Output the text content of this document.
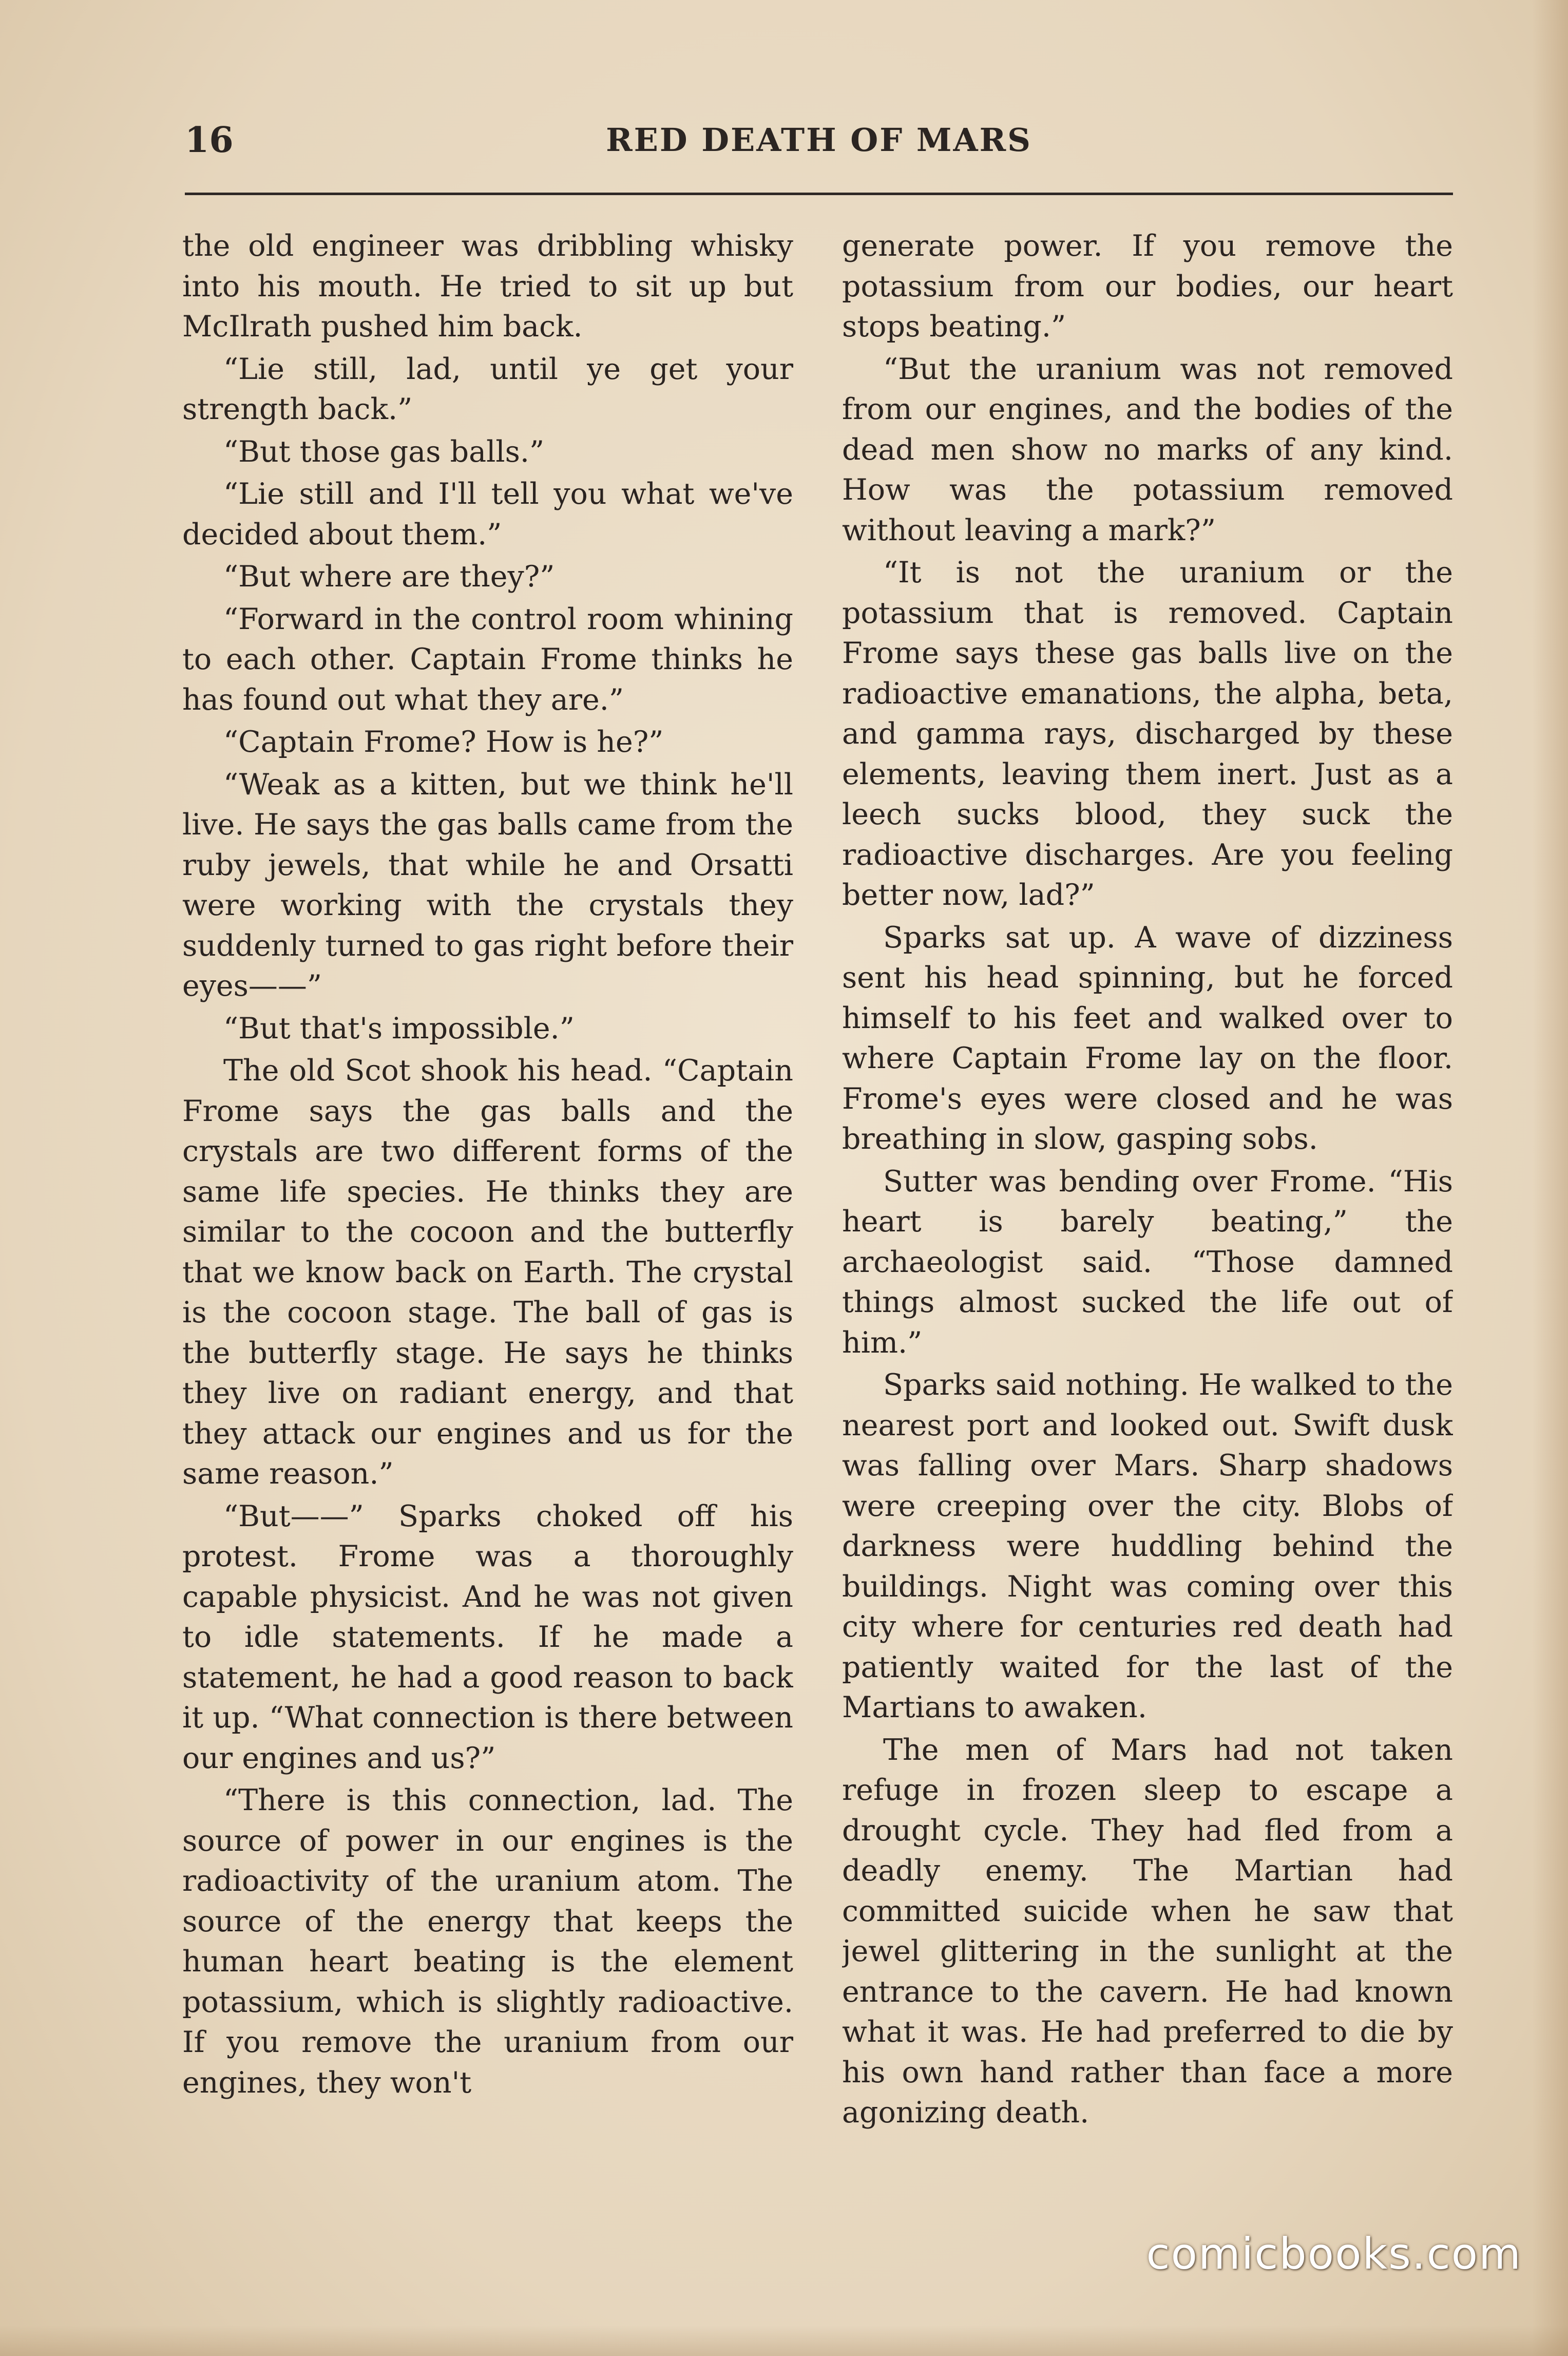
16	RED DEATH OF MARS

the old engineer was dribbling whisky into his mouth. He tried to sit up but McIlrath pushed him back.

“Lie still, lad, until ye get your strength back.”

“But those gas balls.”

“Lie still and I'll tell you what we've decided about them.”

“But where are they?”

“Forward in the control room whining to each other. Captain Frome thinks he has found out what they are.”

“Captain Frome? How is he?”

“Weak as a kitten, but we think he'll live. He says the gas balls came from the ruby jewels, that while he and Orsatti were working with the crystals they suddenly turned to gas right before their eyes——”

“But that's impossible.”

The old Scot shook his head. “Captain Frome says the gas balls and the crystals are two different forms of the same life species. He thinks they are similar to the cocoon and the butterfly that we know back on Earth. The crystal is the cocoon stage. The ball of gas is the butterfly stage. He says he thinks they live on radiant energy, and that they attack our engines and us for the same reason.”

“But——” Sparks choked off his protest. Frome was a thoroughly capable physicist. And he was not given to idle statements. If he made a statement, he had a good reason to back it up. “What connection is there between our engines and us?”

“There is this connection, lad. The source of power in our engines is the radioactivity of the uranium atom. The source of the energy that keeps the human heart beating is the element potassium, which is slightly radioactive. If you remove the uranium from our engines, they won't

generate power. If you remove the potassium from our bodies, our heart stops beating.”

“But the uranium was not removed from our engines, and the bodies of the dead men show no marks of any kind. How was the potassium removed without leaving a mark?”

“It is not the uranium or the potassium that is removed. Captain Frome says these gas balls live on the radioactive emanations, the alpha, beta, and gamma rays, discharged by these elements, leaving them inert. Just as a leech sucks blood, they suck the radioactive discharges. Are you feeling better now, lad?”

Sparks sat up. A wave of dizziness sent his head spinning, but he forced himself to his feet and walked over to where Captain Frome lay on the floor. Frome's eyes were closed and he was breathing in slow, gasping sobs.

Sutter was bending over Frome. “His heart is barely beating,” the archaeologist said. “Those damned things almost sucked the life out of him.”

Sparks said nothing. He walked to the nearest port and looked out. Swift dusk was falling over Mars. Sharp shadows were creeping over the city. Blobs of darkness were huddling behind the buildings. Night was coming over this city where for centuries red death had patiently waited for the last of the Martians to awaken.

The men of Mars had not taken refuge in frozen sleep to escape a drought cycle. They had fled from a deadly enemy. The Martian had committed suicide when he saw that jewel glittering in the sunlight at the entrance to the cavern. He had known what it was. He had preferred to die by his own hand rather than face a more agonizing death.

comicbooks.com
